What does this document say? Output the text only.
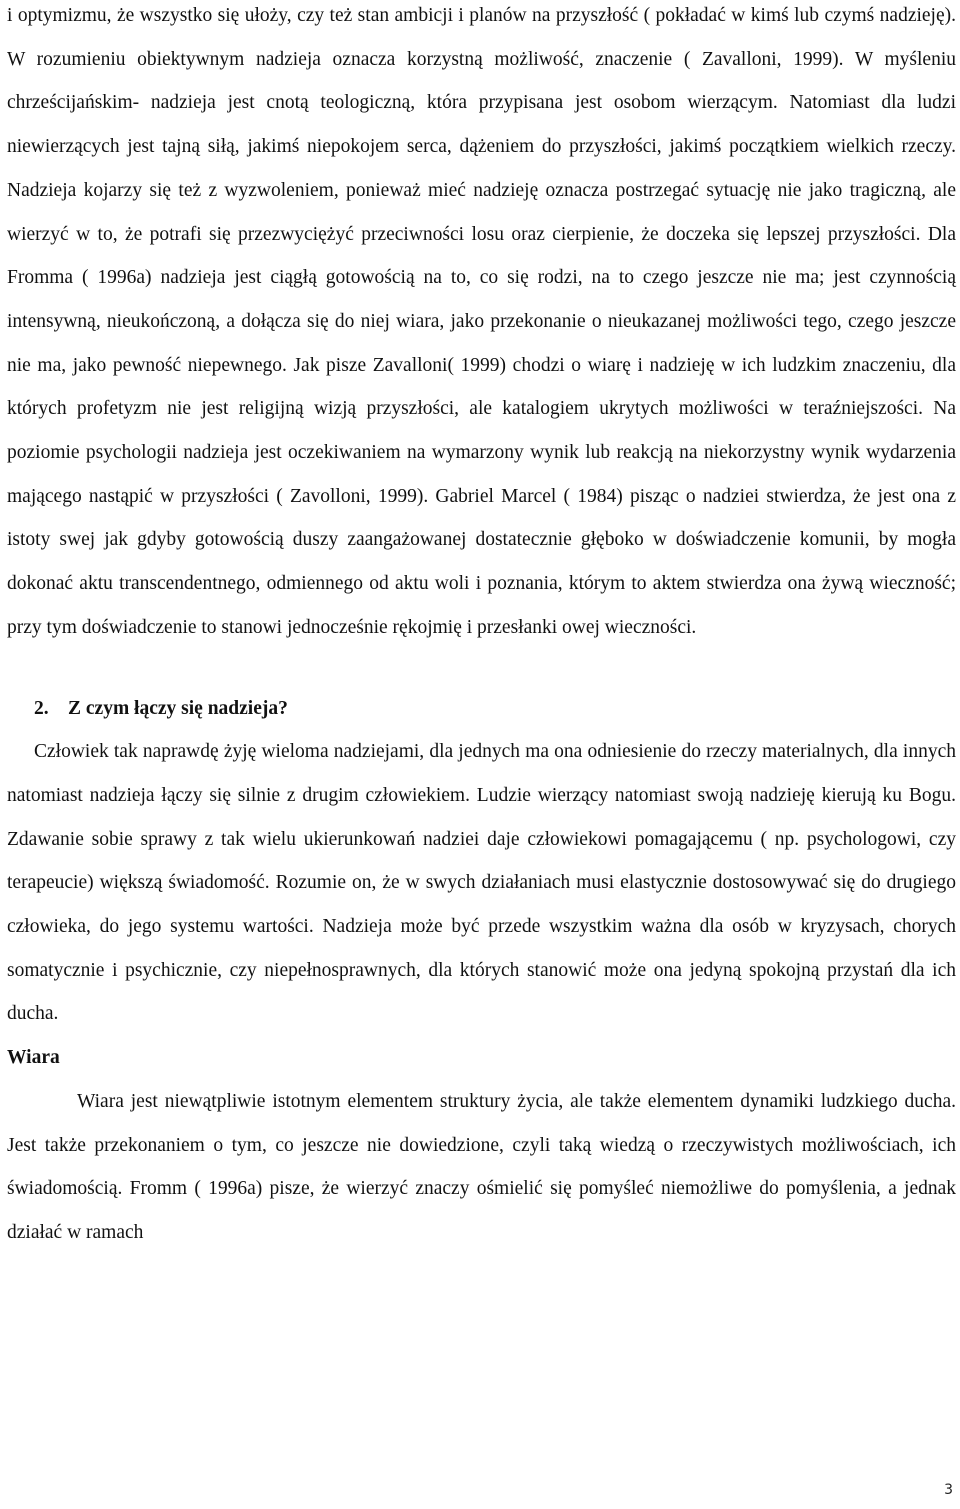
i optymizmu, że wszystko się ułoży, czy też stan ambicji i planów na przyszłość ( pokładać w kimś lub czymś nadzieję). W rozumieniu obiektywnym nadzieja oznacza korzystną możliwość, znaczenie ( Zavalloni, 1999). W myśleniu chrześcijańskim- nadzieja jest cnotą teologiczną, która przypisana jest osobom wierzącym. Natomiast dla ludzi niewierzących jest tajną siłą, jakimś niepokojem serca, dążeniem do przyszłości, jakimś początkiem wielkich rzeczy. Nadzieja kojarzy się też z wyzwoleniem, ponieważ mieć nadzieję oznacza postrzegać sytuację nie jako tragiczną, ale wierzyć w to, że potrafi się przezwyciężyć przeciwności losu oraz cierpienie, że doczeka się lepszej przyszłości. Dla Fromma ( 1996a) nadzieja jest ciągłą gotowością na to, co się rodzi, na to czego jeszcze nie ma; jest czynnością intensywną, nieukończoną, a dołącza się do niej wiara, jako przekonanie o nieukazanej możliwości tego, czego jeszcze nie ma, jako pewność niepewnego. Jak pisze Zavalloni( 1999) chodzi o wiarę i nadzieję w ich ludzkim znaczeniu, dla których profetyzm nie jest religijną wizją przyszłości, ale katalogiem ukrytych możliwości w teraźniejszości. Na poziomie psychologii nadzieja jest oczekiwaniem na wymarzony wynik lub reakcją na niekorzystny wynik wydarzenia mającego nastąpić w przyszłości ( Zavolloni, 1999). Gabriel Marcel ( 1984) pisząc o nadziei stwierdza, że jest ona z istoty swej jak gdyby gotowością duszy zaangażowanej dostatecznie głęboko w doświadczenie komunii, by mogła dokonać aktu transcendentnego, odmiennego od aktu woli i poznania, którym to aktem stwierdza ona żywą wieczność; przy tym doświadczenie to stanowi jednocześnie rękojmię i przesłanki owej wieczności.

2. Z czym łączy się nadzieja?

Człowiek tak naprawdę żyję wieloma nadziejami, dla jednych ma ona odniesienie do rzeczy materialnych, dla innych natomiast nadzieja łączy się silnie z drugim człowiekiem. Ludzie wierzący natomiast swoją nadzieję kierują ku Bogu. Zdawanie sobie sprawy z tak wielu ukierunkowań nadziei daje człowiekowi pomagającemu ( np. psychologowi, czy terapeucie) większą świadomość. Rozumie on, że w swych działaniach musi elastycznie dostosowywać się do drugiego człowieka, do jego systemu wartości. Nadzieja może być przede wszystkim ważna dla osób w kryzysach, chorych somatycznie i psychicznie, czy niepełnosprawnych, dla których stanowić może ona jedyną spokojną przystań dla ich ducha.

Wiara

Wiara jest niewątpliwie istotnym elementem struktury życia, ale także elementem dynamiki ludzkiego ducha. Jest także przekonaniem o tym, co jeszcze nie dowiedzione, czyli taką wiedzą o rzeczywistych możliwościach, ich świadomością. Fromm ( 1996a) pisze, że wierzyć znaczy ośmielić się pomyśleć niemożliwe do pomyślenia, a jednak działać w ramach

3
